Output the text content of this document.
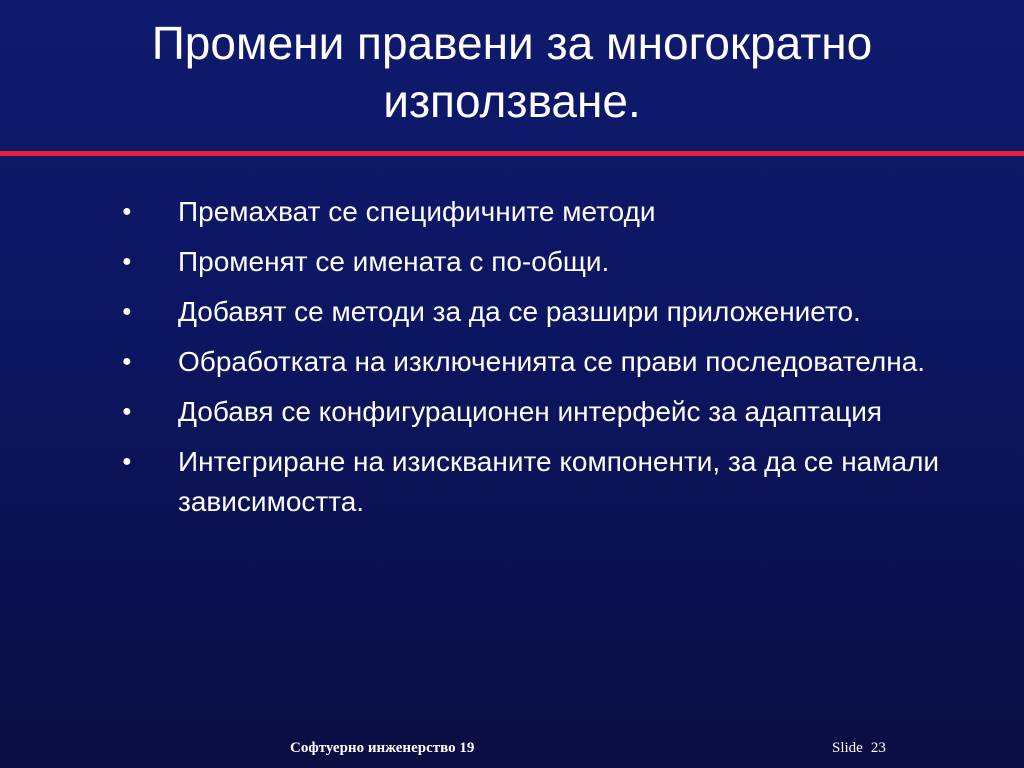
Промени правени за многократно използване.
● Премахват се специфичните методи
● Променят се имената с по-общи.
● Добавят се методи за да се разшири приложението.
● Обработката на изключенията се прави последователна.
● Добавя се конфигурационен интерфейс за адаптация
● Интегриране на изискваните компоненти, за да се намали зависимостта.
Софтуерно инженерство 19	Slide 23
